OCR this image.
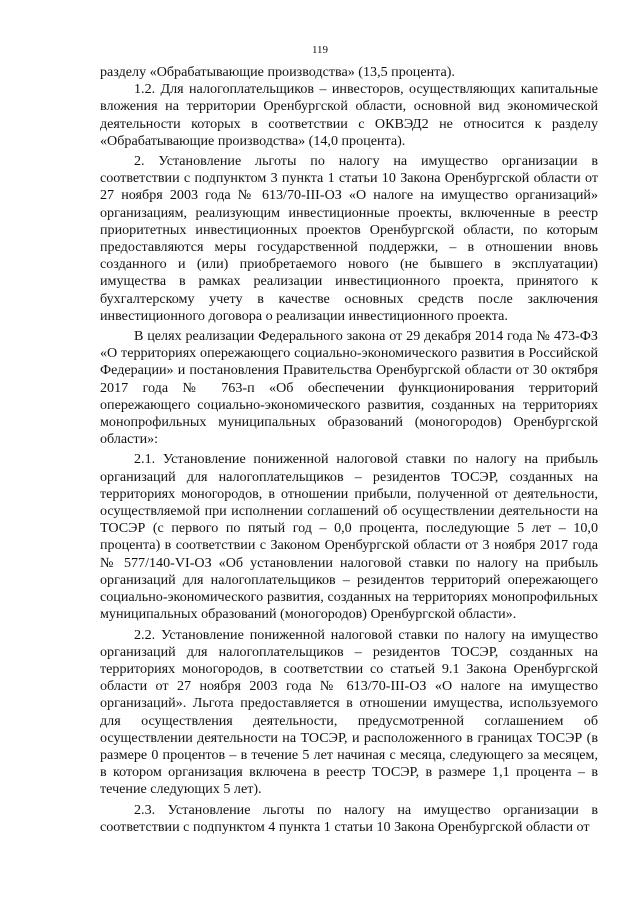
119

разделу «Обрабатывающие производства» (13,5 процента).

1.2. Для налогоплательщиков – инвесторов, осуществляющих капитальные вложения на территории Оренбургской области, основной вид экономической деятельности которых в соответствии с ОКВЭД2 не относится к разделу «Обрабатывающие производства» (14,0 процента).

2. Установление льготы по налогу на имущество организации в соответствии с подпунктом 3 пункта 1 статьи 10 Закона Оренбургской области от 27 ноября 2003 года № 613/70-III-ОЗ «О налоге на имущество организаций» организациям, реализующим инвестиционные проекты, включенные в реестр приоритетных инвестиционных проектов Оренбургской области, по которым предоставляются меры государственной поддержки, – в отношении вновь созданного и (или) приобретаемого нового (не бывшего в эксплуатации) имущества в рамках реализации инвестиционного проекта, принятого к бухгалтерскому учету в качестве основных средств после заключения инвестиционного договора о реализации инвестиционного проекта.

В целях реализации Федерального закона от 29 декабря 2014 года № 473-ФЗ «О территориях опережающего социально-экономического развития в Российской Федерации» и постановления Правительства Оренбургской области от 30 октября 2017 года № 763-п «Об обеспечении функционирования территорий опережающего социально-экономического развития, созданных на территориях монопрофильных муниципальных образований (моногородов) Оренбургской области»:

2.1. Установление пониженной налоговой ставки по налогу на прибыль организаций для налогоплательщиков – резидентов ТОСЭР, созданных на территориях моногородов, в отношении прибыли, полученной от деятельности, осуществляемой при исполнении соглашений об осуществлении деятельности на ТОСЭР (с первого по пятый год – 0,0 процента, последующие 5 лет – 10,0 процента) в соответствии с Законом Оренбургской области от 3 ноября 2017 года № 577/140-VI-ОЗ «Об установлении налоговой ставки по налогу на прибыль организаций для налогоплательщиков – резидентов территорий опережающего социально-экономического развития, созданных на территориях монопрофильных муниципальных образований (моногородов) Оренбургской области».

2.2. Установление пониженной налоговой ставки по налогу на имущество организаций для налогоплательщиков – резидентов ТОСЭР, созданных на территориях моногородов, в соответствии со статьей 9.1 Закона Оренбургской области от 27 ноября 2003 года № 613/70-III-ОЗ «О налоге на имущество организаций». Льгота предоставляется в отношении имущества, используемого для осуществления деятельности, предусмотренной соглашением об осуществлении деятельности на ТОСЭР, и расположенного в границах ТОСЭР (в размере 0 процентов – в течение 5 лет начиная с месяца, следующего за месяцем, в котором организация включена в реестр ТОСЭР, в размере 1,1 процента – в течение следующих 5 лет).

2.3. Установление льготы по налогу на имущество организации в соответствии с подпунктом 4 пункта 1 статьи 10 Закона Оренбургской области от
